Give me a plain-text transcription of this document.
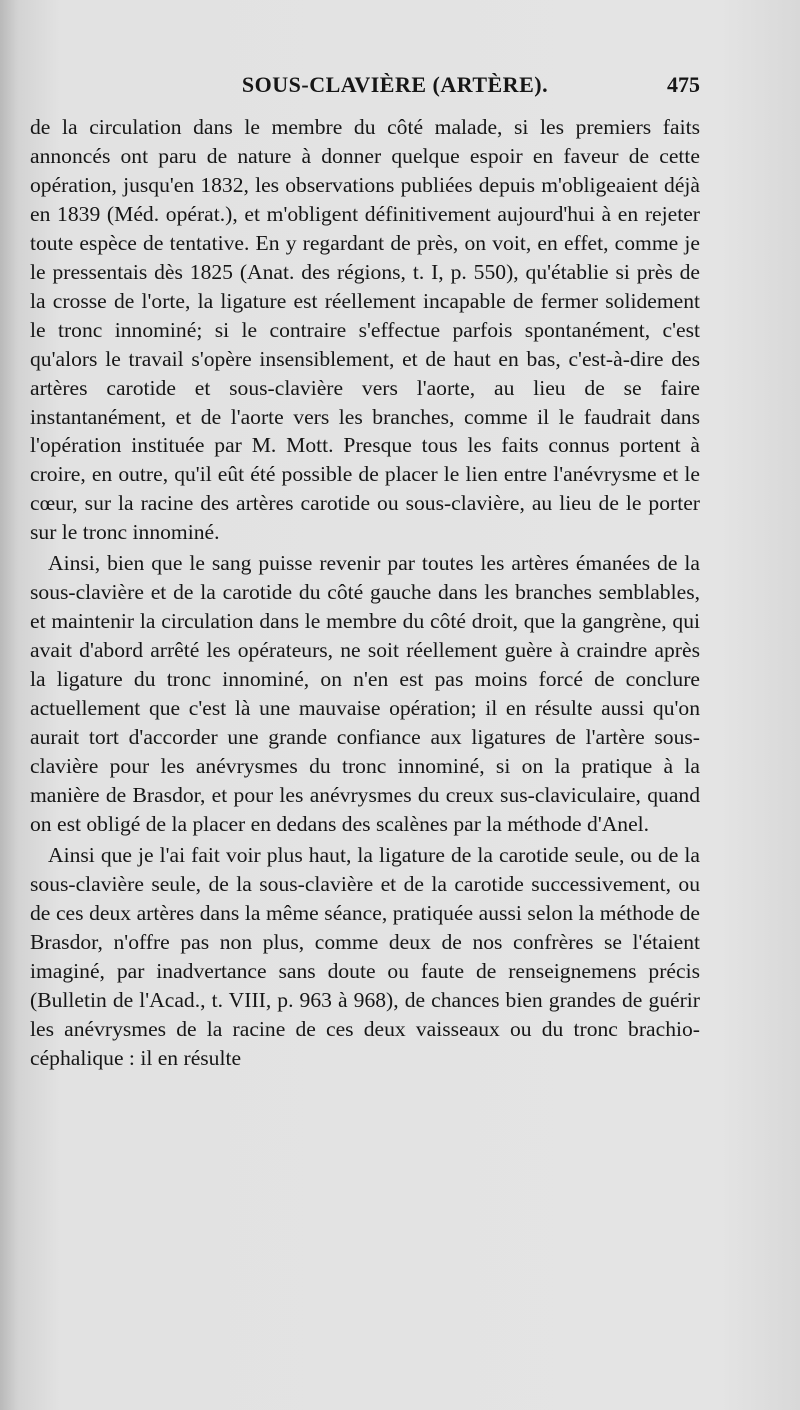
SOUS-CLAVIÈRE (ARTÈRE).	475

de la circulation dans le membre du côté malade, si les premiers faits annoncés ont paru de nature à donner quelque espoir en faveur de cette opération, jusqu'en 1832, les observations publiées depuis m'obligeaient déjà en 1839 (Méd. opérat.), et m'obligent définitivement aujourd'hui à en rejeter toute espèce de tentative. En y regardant de près, on voit, en effet, comme je le pressentais dès 1825 (Anat. des régions, t. I, p. 550), qu'établie si près de la crosse de l'orte, la ligature est réellement incapable de fermer solidement le tronc innominé; si le contraire s'effectue parfois spontanément, c'est qu'alors le travail s'opère insensiblement, et de haut en bas, c'est-à-dire des artères carotide et sous-clavière vers l'aorte, au lieu de se faire instantanément, et de l'aorte vers les branches, comme il le faudrait dans l'opération instituée par M. Mott. Presque tous les faits connus portent à croire, en outre, qu'il eût été possible de placer le lien entre l'anévrysme et le cœur, sur la racine des artères carotide ou sous-clavière, au lieu de le porter sur le tronc innominé.

Ainsi, bien que le sang puisse revenir par toutes les artères émanées de la sous-clavière et de la carotide du côté gauche dans les branches semblables, et maintenir la circulation dans le membre du côté droit, que la gangrène, qui avait d'abord arrêté les opérateurs, ne soit réellement guère à craindre après la ligature du tronc innominé, on n'en est pas moins forcé de conclure actuellement que c'est là une mauvaise opération; il en résulte aussi qu'on aurait tort d'accorder une grande confiance aux ligatures de l'artère sous-clavière pour les anévrysmes du tronc innominé, si on la pratique à la manière de Brasdor, et pour les anévrysmes du creux sus-claviculaire, quand on est obligé de la placer en dedans des scalènes par la méthode d'Anel.

Ainsi que je l'ai fait voir plus haut, la ligature de la carotide seule, ou de la sous-clavière seule, de la sous-clavière et de la carotide successivement, ou de ces deux artères dans la même séance, pratiquée aussi selon la méthode de Brasdor, n'offre pas non plus, comme deux de nos confrères se l'étaient imaginé, par inadvertance sans doute ou faute de renseignemens précis (Bulletin de l'Acad., t. VIII, p. 963 à 968), de chances bien grandes de guérir les anévrysmes de la racine de ces deux vaisseaux ou du tronc brachio-céphalique : il en résulte
